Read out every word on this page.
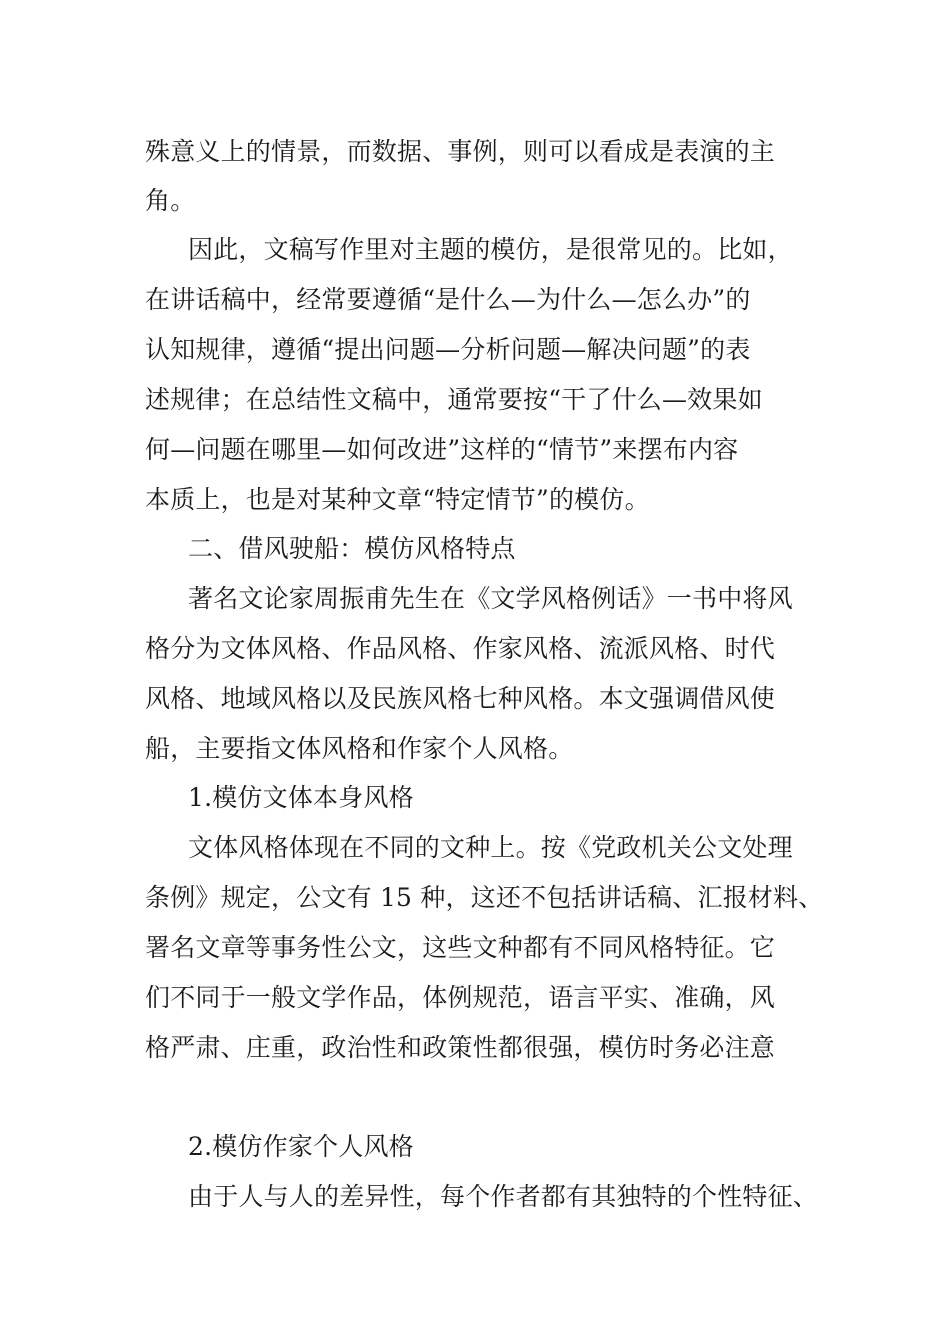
殊意义上的情景，而数据、事例，则可以看成是表演的主
角。
因此，文稿写作里对主题的模仿，是很常见的。比如，
在讲话稿中，经常要遵循“是什么—为什么—怎么办”的
认知规律，遵循“提出问题—分析问题—解决问题”的表
述规律；在总结性文稿中，通常要按“干了什么—效果如
何—问题在哪里—如何改进”这样的“情节”来摆布内容
本质上，也是对某种文章“特定情节”的模仿。
二、借风驶船：模仿风格特点
著名文论家周振甫先生在《文学风格例话》一书中将风
格分为文体风格、作品风格、作家风格、流派风格、时代
风格、地域风格以及民族风格七种风格。本文强调借风使
船，主要指文体风格和作家个人风格。
1.模仿文体本身风格
文体风格体现在不同的文种上。按《党政机关公文处理
条例》规定，公文有 15 种，这还不包括讲话稿、汇报材料、
署名文章等事务性公文，这些文种都有不同风格特征。它
们不同于一般文学作品，体例规范，语言平实、准确，风
格严肃、庄重，政治性和政策性都很强，模仿时务必注意
2.模仿作家个人风格
由于人与人的差异性，每个作者都有其独特的个性特征、
